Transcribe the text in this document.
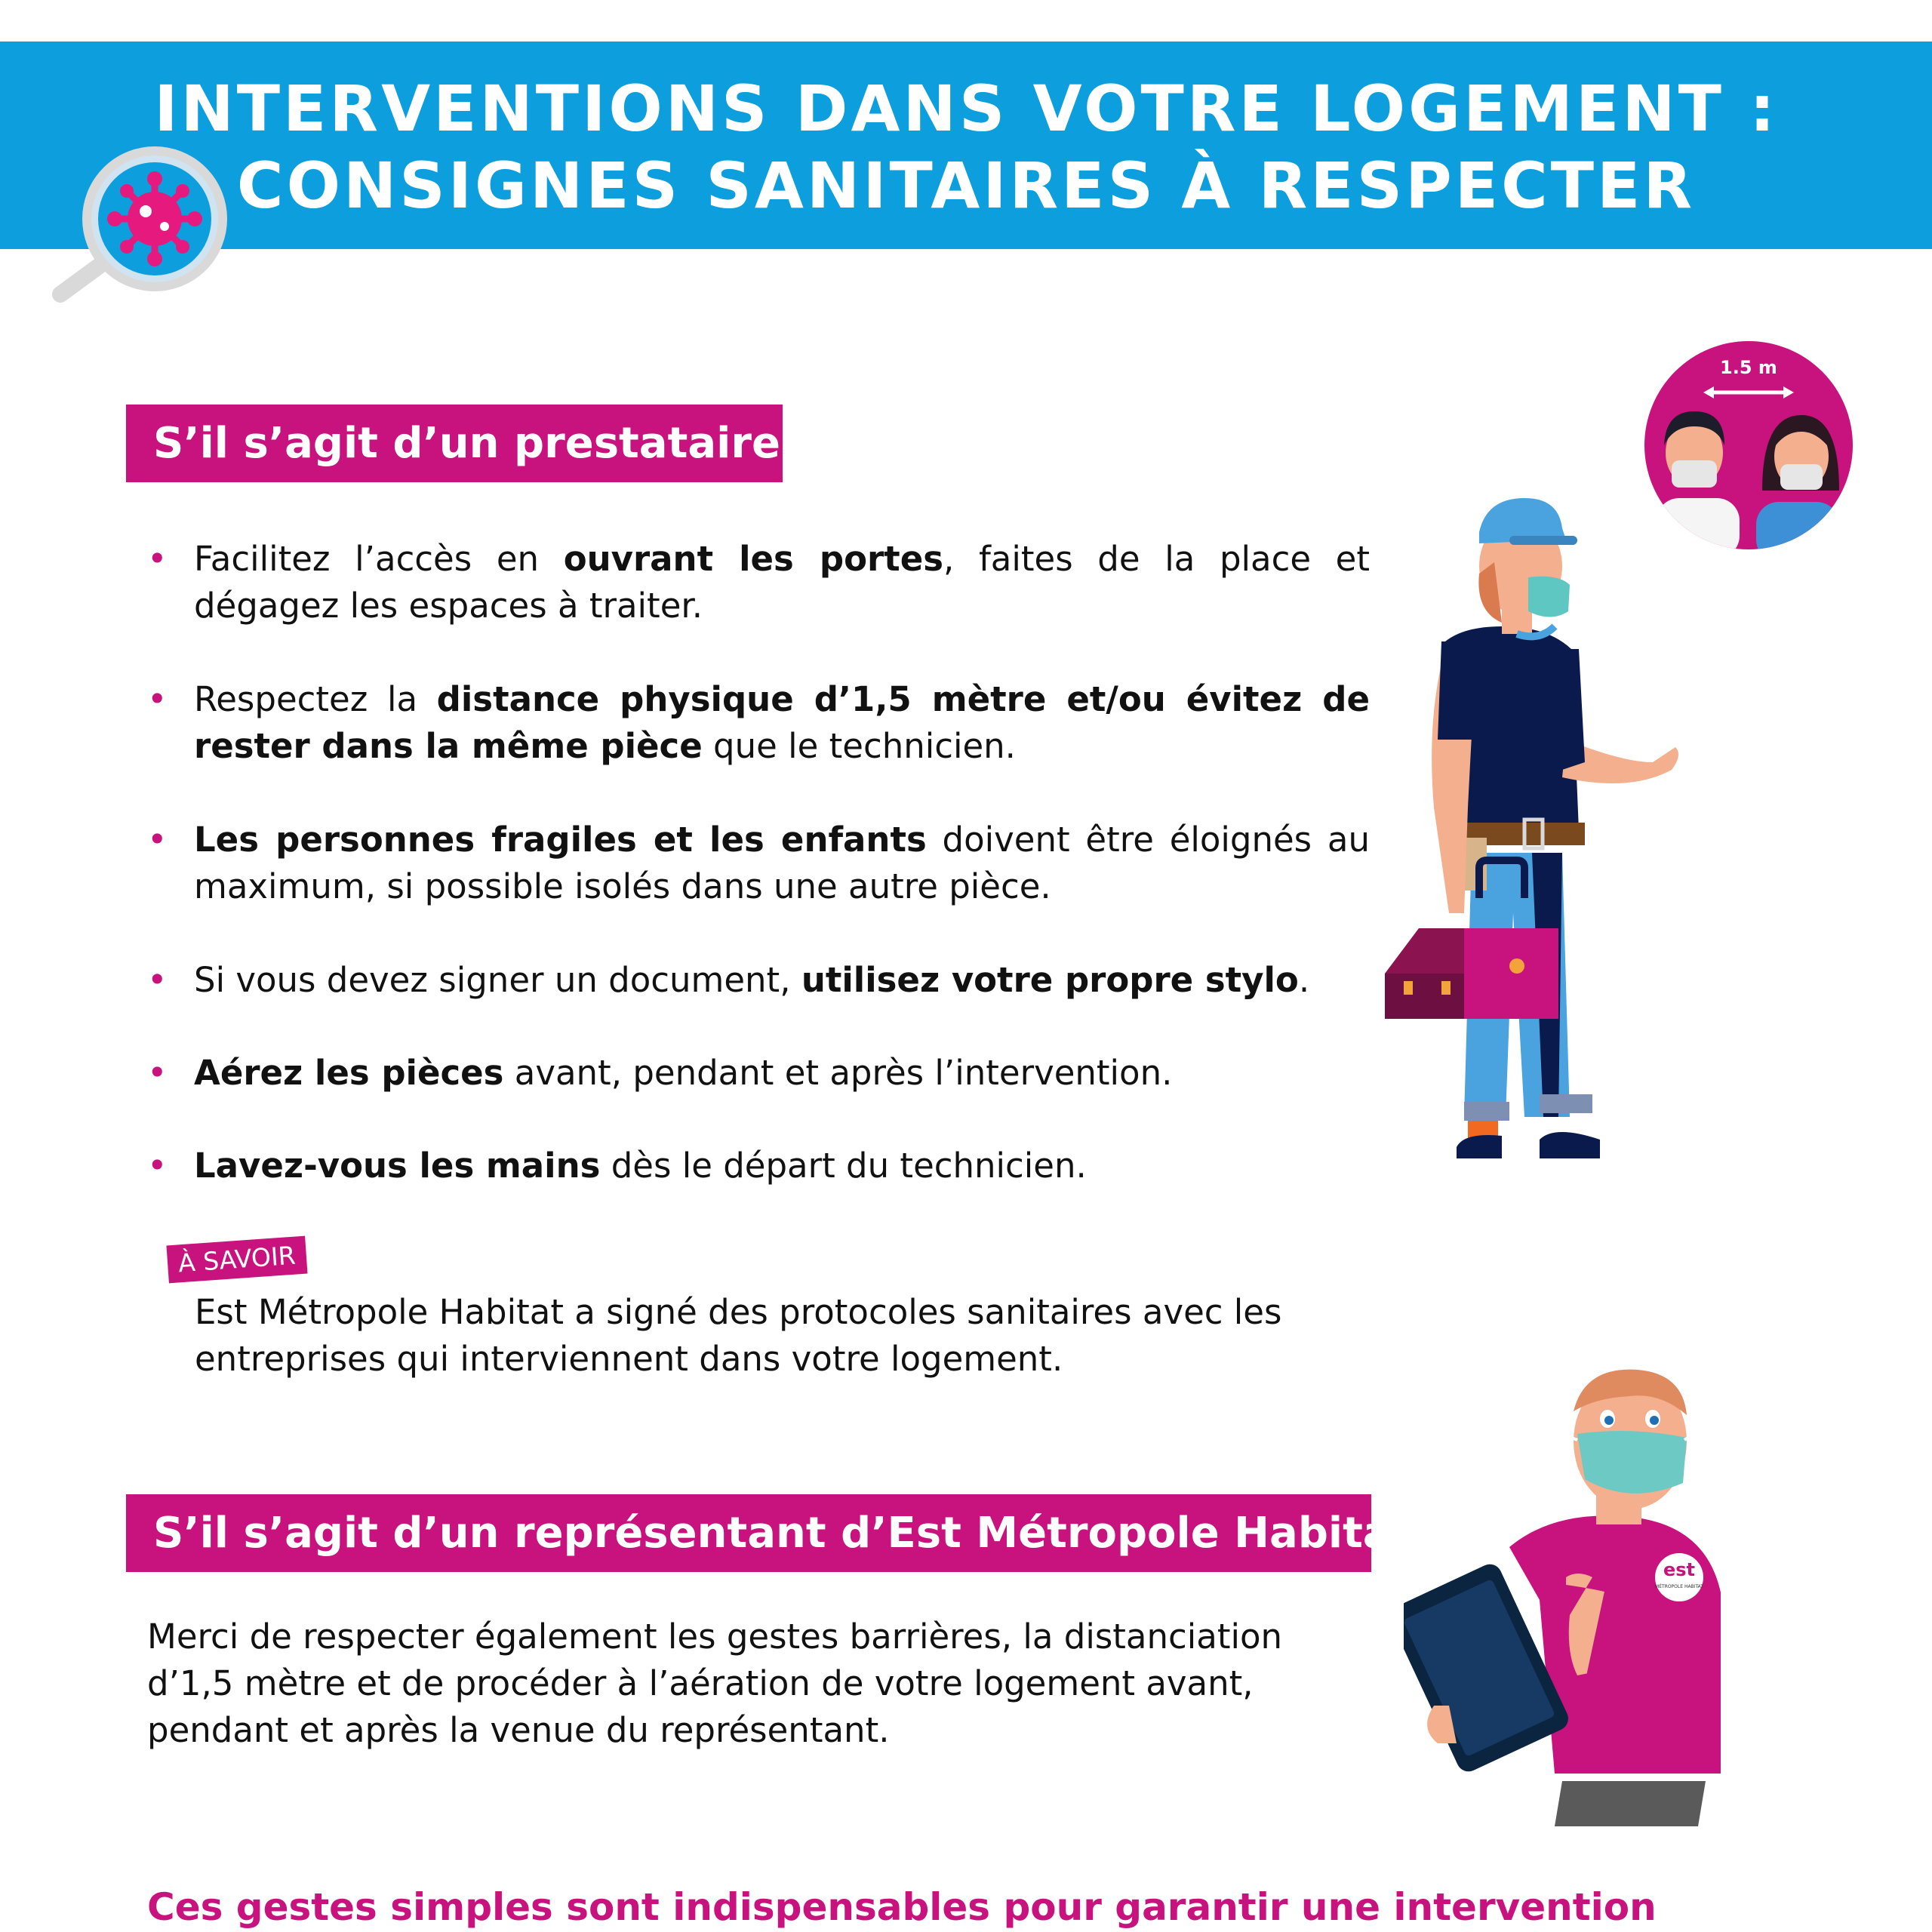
INTERVENTIONS DANS VOTRE LOGEMENT :
CONSIGNES SANITAIRES À RESPECTER
S’il s’agit d’un prestataire
• Facilitez l’accès en ouvrant les portes, faites de la place et dégagez les espaces à traiter.
• Respectez la distance physique d’1,5 mètre et/ou évitez de rester dans la même pièce que le technicien.
• Les personnes fragiles et les enfants doivent être éloignés au maximum, si possible isolés dans une autre pièce.
• Si vous devez signer un document, utilisez votre propre stylo.
• Aérez les pièces avant, pendant et après l’intervention.
• Lavez-vous les mains dès le départ du technicien.
À SAVOIR
Est Métropole Habitat a signé des protocoles sanitaires avec les entreprises qui interviennent dans votre logement.
1.5 m
S’il s’agit d’un représentant d’Est Métropole Habitat
Merci de respecter également les gestes barrières, la distanciation d’1,5 mètre et de procéder à l’aération de votre logement avant, pendant et après la venue du représentant.
est
MÉTROPOLE HABITAT
Ces gestes simples sont indispensables pour garantir une intervention
